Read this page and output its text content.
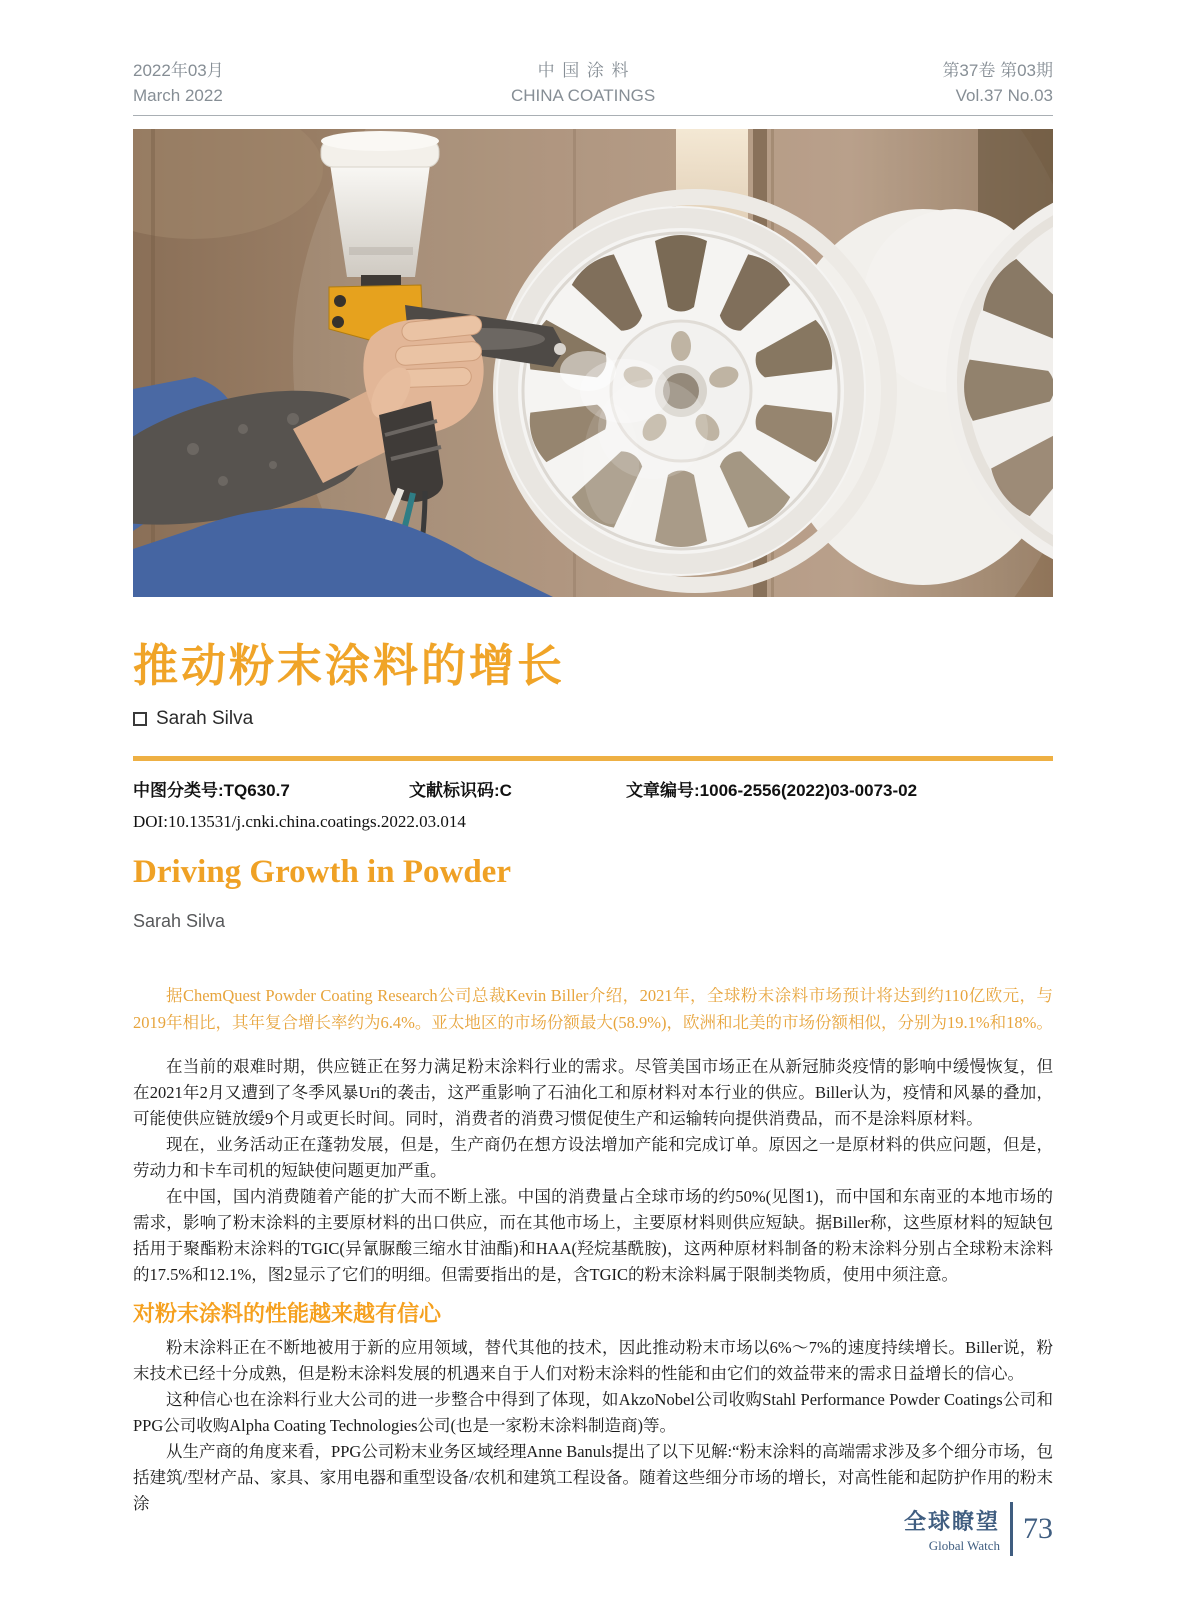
2022年03月
March 2022
中国涂料
CHINA COATINGS
第37卷 第03期
Vol.37 No.03
推动粉末涂料的增长
Sarah Silva
中图分类号:TQ630.7	文献标识码:C	文章编号:1006-2556(2022)03-0073-02
DOI:10.13531/j.cnki.china.coatings.2022.03.014
Driving Growth in Powder
Sarah Silva

据ChemQuest Powder Coating Research公司总裁Kevin Biller介绍，2021年，全球粉末涂料市场预计将达到约110亿欧元，与2019年相比，其年复合增长率约为6.4%。亚太地区的市场份额最大(58.9%)，欧洲和北美的市场份额相似，分别为19.1%和18%。

在当前的艰难时期，供应链正在努力满足粉末涂料行业的需求。尽管美国市场正在从新冠肺炎疫情的影响中缓慢恢复，但在2021年2月又遭到了冬季风暴Uri的袭击，这严重影响了石油化工和原材料对本行业的供应。Biller认为，疫情和风暴的叠加，可能使供应链放缓9个月或更长时间。同时，消费者的消费习惯促使生产和运输转向提供消费品，而不是涂料原材料。

现在，业务活动正在蓬勃发展，但是，生产商仍在想方设法增加产能和完成订单。原因之一是原材料的供应问题，但是，劳动力和卡车司机的短缺使问题更加严重。

在中国，国内消费随着产能的扩大而不断上涨。中国的消费量占全球市场的约50%(见图1)，而中国和东南亚的本地市场的需求，影响了粉末涂料的主要原材料的出口供应，而在其他市场上，主要原材料则供应短缺。据Biller称，这些原材料的短缺包括用于聚酯粉末涂料的TGIC(异氰脲酸三缩水甘油酯)和HAA(羟烷基酰胺)，这两种原材料制备的粉末涂料分别占全球粉末涂料的17.5%和12.1%，图2显示了它们的明细。但需要指出的是，含TGIC的粉末涂料属于限制类物质，使用中须注意。

对粉末涂料的性能越来越有信心

粉末涂料正在不断地被用于新的应用领域，替代其他的技术，因此推动粉末市场以6%～7%的速度持续增长。Biller说，粉末技术已经十分成熟，但是粉末涂料发展的机遇来自于人们对粉末涂料的性能和由它们的效益带来的需求日益增长的信心。

这种信心也在涂料行业大公司的进一步整合中得到了体现，如AkzoNobel公司收购Stahl Performance Powder Coatings公司和PPG公司收购Alpha Coating Technologies公司(也是一家粉末涂料制造商)等。

从生产商的角度来看，PPG公司粉末业务区域经理Anne Banuls提出了以下见解:“粉末涂料的高端需求涉及多个细分市场，包括建筑/型材产品、家具、家用电器和重型设备/农机和建筑工程设备。随着这些细分市场的增长，对高性能和起防护作用的粉末涂

全球瞭望
Global Watch 73
